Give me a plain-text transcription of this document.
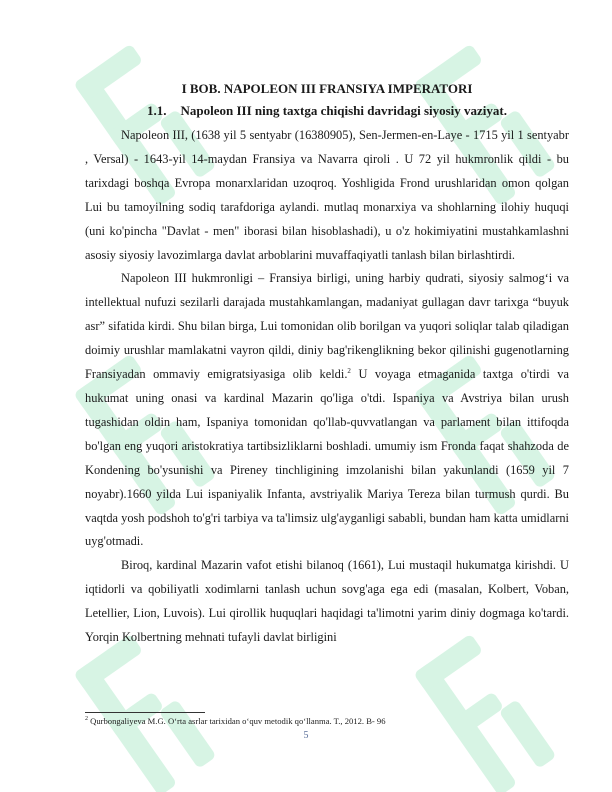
I BOB. NAPOLEON III FRANSIYA IMPERATORI
1.1. Napoleon III ning taxtga chiqishi davridagi siyosiy vaziyat.

Napoleon III, (1638 yil 5 sentyabr (16380905), Sen-Jermen-en-Laye - 1715 yil 1 sentyabr , Versal) - 1643-yil 14-maydan Fransiya va Navarra qiroli . U 72 yil hukmronlik qildi - bu tarixdagi boshqa Evropa monarxlaridan uzoqroq. Yoshligida Frond urushlaridan omon qolgan Lui bu tamoyilning sodiq tarafdoriga aylandi. mutlaq monarxiya va shohlarning ilohiy huquqi (uni ko'pincha "Davlat - men" iborasi bilan hisoblashadi), u o'z hokimiyatini mustahkamlashni asosiy siyosiy lavozimlarga davlat arboblarini muvaffaqiyatli tanlash bilan birlashtirdi.

Napoleon III hukmronligi – Fransiya birligi, uning harbiy qudrati, siyosiy salmog‘i va intellektual nufuzi sezilarli darajada mustahkamlangan, madaniyat gullagan davr tarixga “buyuk asr” sifatida kirdi. Shu bilan birga, Lui tomonidan olib borilgan va yuqori soliqlar talab qiladigan doimiy urushlar mamlakatni vayron qildi, diniy bag'rikenglikning bekor qilinishi gugenotlarning Fransiyadan ommaviy emigratsiyasiga olib keldi.$^2$ U voyaga etmaganida taxtga o'tirdi va hukumat uning onasi va kardinal Mazarin qo'liga o'tdi. Ispaniya va Avstriya bilan urush tugashidan oldin ham, Ispaniya tomonidan qo'llab-quvvatlangan va parlament bilan ittifoqda bo'lgan eng yuqori aristokratiya tartibsizliklarni boshladi. umumiy ism Fronda faqat shahzoda de Kondening bo'ysunishi va Pireney tinchligining imzolanishi bilan yakunlandi (1659 yil 7 noyabr).1660 yilda Lui ispaniyalik Infanta, avstriyalik Mariya Tereza bilan turmush qurdi. Bu vaqtda yosh podshoh to'g'ri tarbiya va ta'limsiz ulg'ayganligi sababli, bundan ham katta umidlarni uyg'otmadi.

Biroq, kardinal Mazarin vafot etishi bilanoq (1661), Lui mustaqil hukumatga kirishdi. U iqtidorli va qobiliyatli xodimlarni tanlash uchun sovg'aga ega edi (masalan, Kolbert, Voban, Letellier, Lion, Luvois). Lui qirollik huquqlari haqidagi ta'limotni yarim diniy dogmaga ko'tardi. Yorqin Kolbertning mehnati tufayli davlat birligini

$^2$ Qurbongaliyeva M.G. O‘rta asrlar tarixidan o‘quv metodik qo‘llanma. T., 2012. B- 96
5
